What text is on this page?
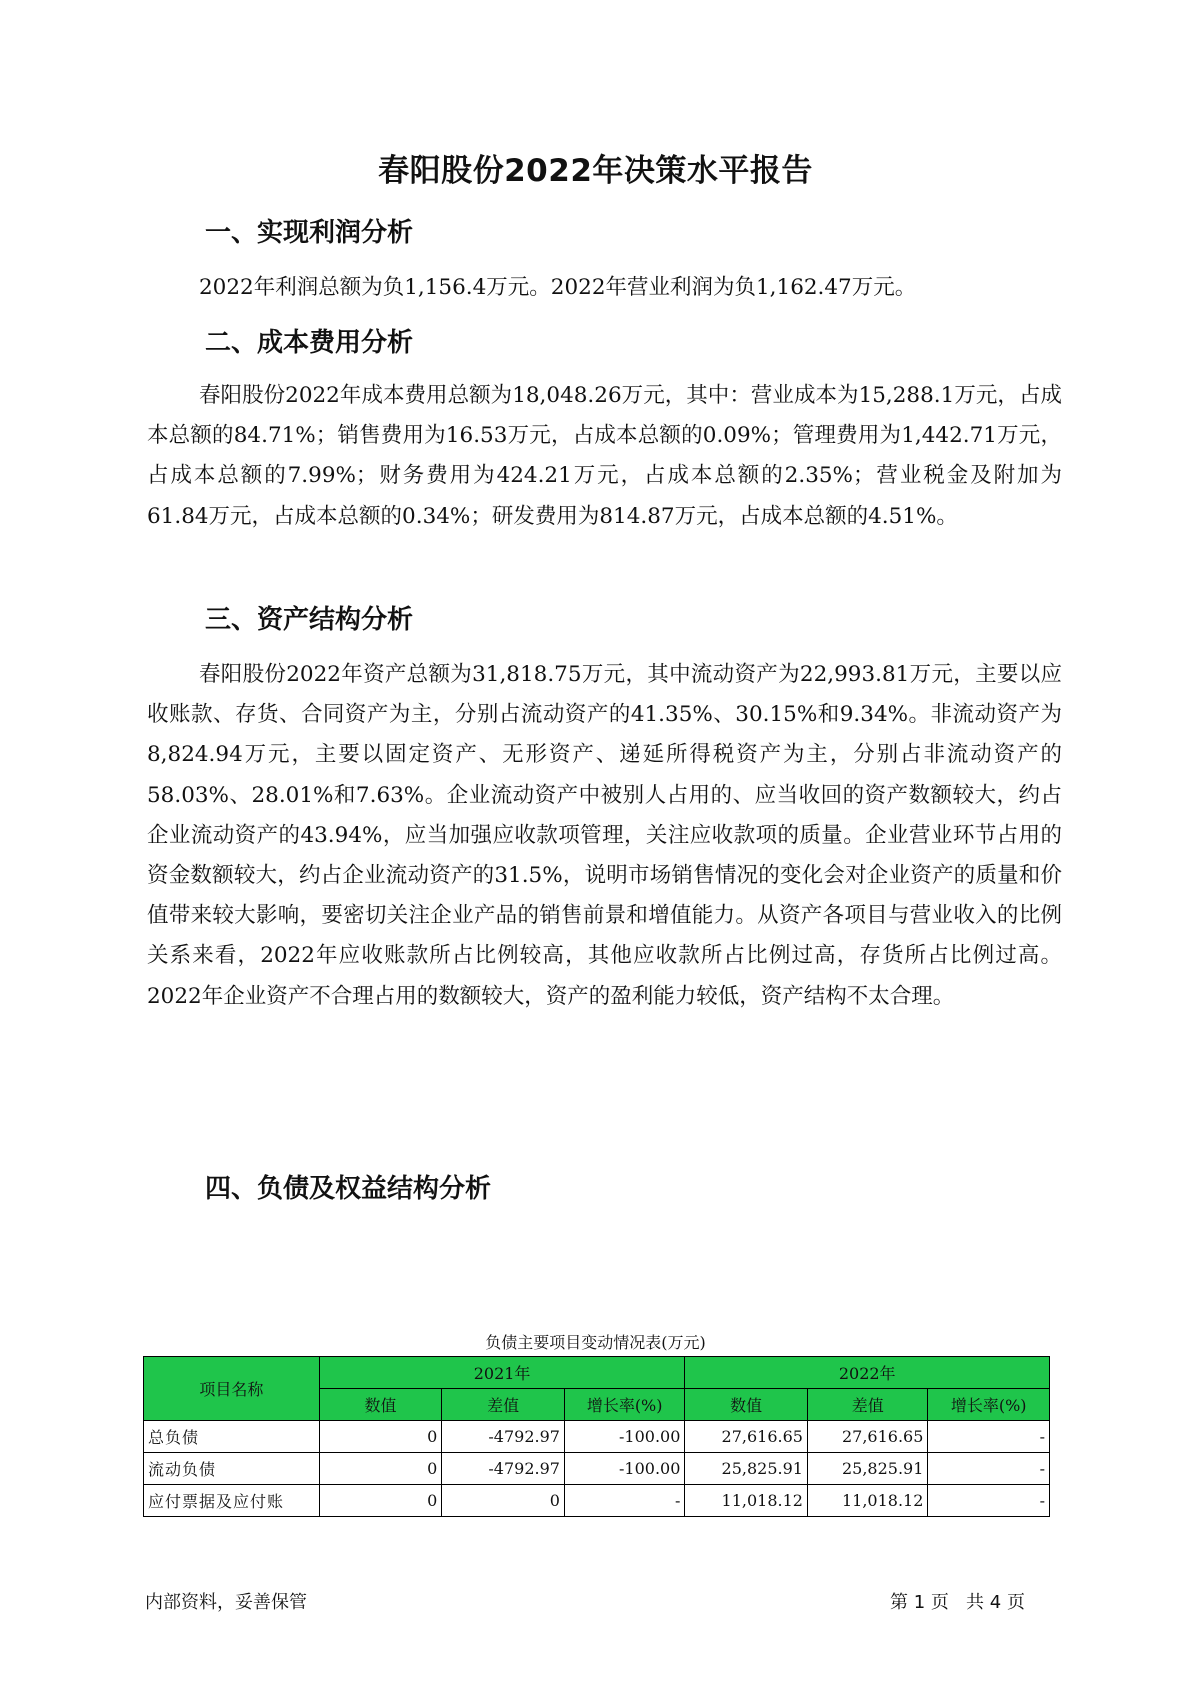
春阳股份2022年决策水平报告
一、实现利润分析

2022年利润总额为负1,156.4万元。2022年营业利润为负1,162.47万元。

二、成本费用分析

春阳股份2022年成本费用总额为18,048.26万元，其中：营业成本为15,288.1万元，占成本总额的84.71%；销售费用为16.53万元，占成本总额的0.09%；管理费用为1,442.71万元，占成本总额的7.99%；财务费用为424.21万元，占成本总额的2.35%；营业税金及附加为61.84万元，占成本总额的0.34%；研发费用为814.87万元，占成本总额的4.51%。

三、资产结构分析

春阳股份2022年资产总额为31,818.75万元，其中流动资产为22,993.81万元，主要以应收账款、存货、合同资产为主，分别占流动资产的41.35%、30.15%和9.34%。非流动资产为8,824.94万元，主要以固定资产、无形资产、递延所得税资产为主，分别占非流动资产的58.03%、28.01%和7.63%。企业流动资产中被别人占用的、应当收回的资产数额较大，约占企业流动资产的43.94%，应当加强应收款项管理，关注应收款项的质量。企业营业环节占用的资金数额较大，约占企业流动资产的31.5%，说明市场销售情况的变化会对企业资产的质量和价值带来较大影响，要密切关注企业产品的销售前景和增值能力。从资产各项目与营业收入的比例关系来看，2022年应收账款所占比例较高，其他应收款所占比例过高，存货所占比例过高。2022年企业资产不合理占用的数额较大，资产的盈利能力较低，资产结构不太合理。

四、负债及权益结构分析
负债主要项目变动情况表(万元)
项目名称	2021年			2022年		
	数值	差值	增长率(%)	数值	差值	增长率(%)
总负债	0	-4792.97	-100.00	27,616.65	27,616.65	-
流动负债	0	-4792.97	-100.00	25,825.91	25,825.91	-
应付票据及应付账	0	0	-	11,018.12	11,018.12	-
内部资料，妥善保管	第 1 页   共 4 页
